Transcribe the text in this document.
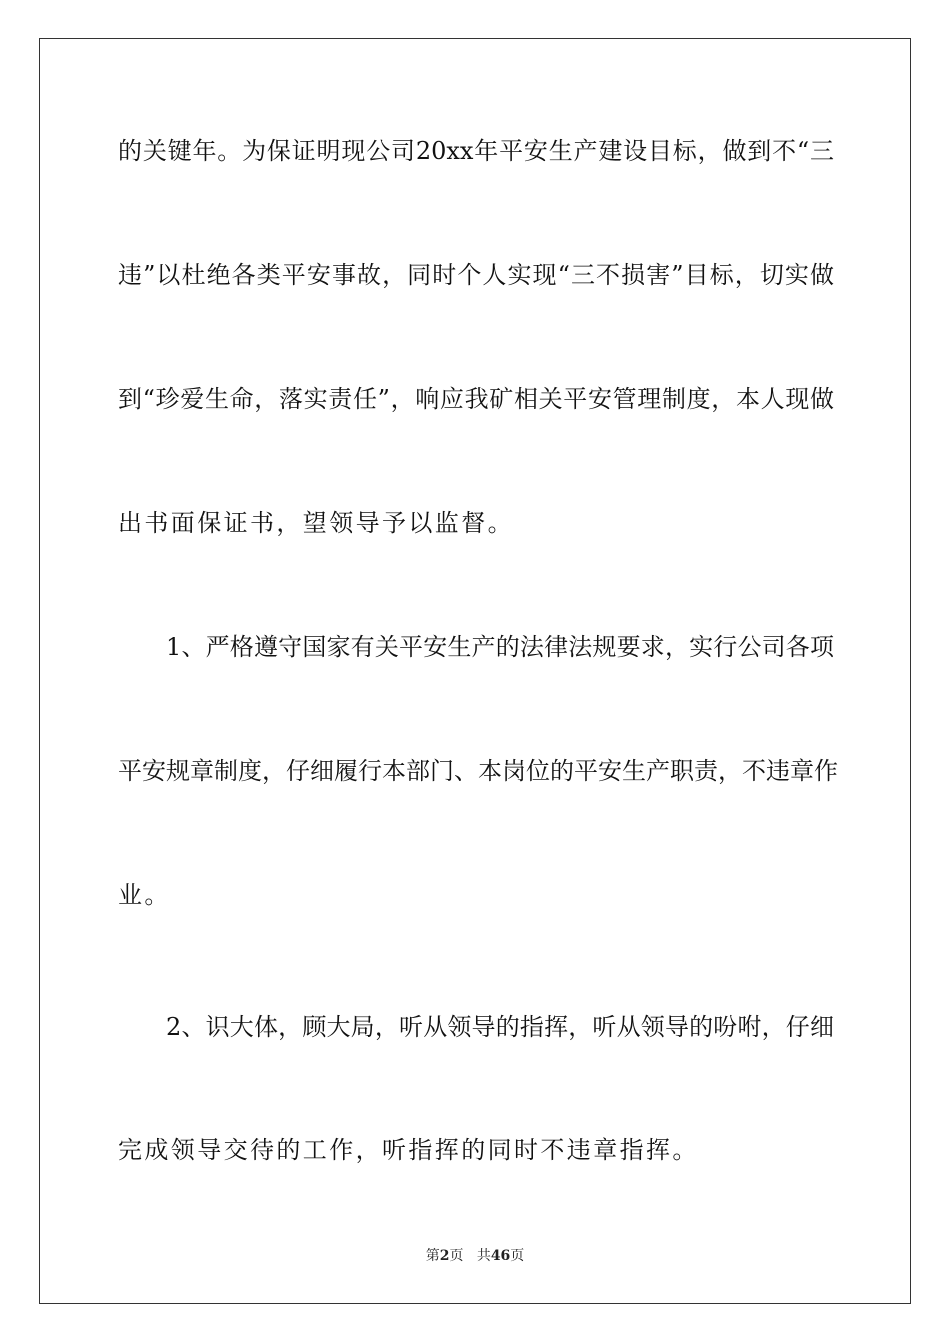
的关键年。为保证明现公司20xx年平安生产建设目标，做到不“三
违”以杜绝各类平安事故，同时个人实现“三不损害”目标，切实做
到“珍爱生命，落实责任”，响应我矿相关平安管理制度，本人现做
出书面保证书，望领导予以监督。
1、严格遵守国家有关平安生产的法律法规要求，实行公司各项
平安规章制度，仔细履行本部门、本岗位的平安生产职责，不违章作
业。
2、识大体，顾大局，听从领导的指挥，听从领导的吩咐，仔细
完成领导交待的工作，听指挥的同时不违章指挥。
第2页 共46页
